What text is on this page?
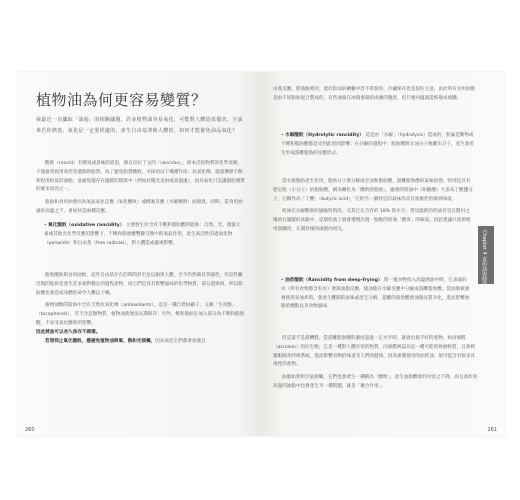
植物油為何更容易變質？

我最近一直攝取「油脂」的相關議題，許多植物油容易氧化、可能對人體造成傷害。全油來若你熱衷，氧化是一定要經處的，產生自由基導致人體的，如何才能避免油品氧化？

酸敗（rancid）有變臭或異味的意思，源自於拉丁文的「rancidus」，原本泛指物質的化學退變，不過最常被用來形容過期的脂質。為了避免脂質酸敗，可採用以下幾種作法：抗氧化劑、儘量選擇不飽和程度較低的油脂，並避免儲存在溫暖的環境中（例如於陽光直射或高溫處），因為氧化只是讓脂肪變質的眾多原因之一。

脂肪和食用油會因為氧氣氧化反應（氧化酸敗）或酵素反應（水解酸敗）而腐臭，同時，當食用油處於高溫之下，會加快這兩種反應。

• 氧化酸敗（oxidative rancidity） 主要發生於含有不飽和脂肪酸的脂肪：自然、光、微量元素或其他光化學反應的影響下，不飽和脂肪酸雙鍵交換中的氧氣作用，產生高活性的過氧化物（peroxide）和自由基（free radicals），對人體造成嚴重影響。

脂肪酸敗與食用油無，這些自由基存在的時間甚至足以損害人體，至今仍然備具爭議性，但這些屬出現的能夠是產生許多相對穩定的過程產物，而它們是具有影響風味的化學物質，部分還與病，所以脂肪酸也會造成身體的命令人難以下嚥。

植物油類的脂肪中含有天然抗氧化劑（antioxidants），這是一種自然屏蔽子，又稱「生育酚」（tocopherols），若不含這類物質，植物油就無法長期保存；另外，飽和脂肪在加入部分為不飽和脂肪酸，不易受氧化酸敗的影響。

因此將油可以長久保存不腐壞。
若想抑止氧化酸敗，應避免植物油與氧、熱和光接觸，因為氧化它們都會加速自
260

由基反應，將油瓶密封，置於陰涼的櫥櫃中若不常使用，冷藏保存也是很好主意，由於所有食用油都是由不同脂肪混合製成的，有些油脂在冰箱會凝結成硬的塊狀，但只要回溫就能恢復成液體。

• 水解酸敗（Hydrolytic rancidity） 這是由「水解」（hydrolysis）造成的，無論是動物或不飽和脂肪酸都是受到此原因影響；在分解的過程中，脂肪酸與甘油分子脫離水分子，產生會產生形成游離脂肪的反應形式。

當水與脂肪產生作用，脂肪分子會分解成甘油和脂肪酸，游離脂肪酸的氣味很強，特別是具有肥皂般（小分子）的脂肪酸，稱為轉化為「酸敗的脂肪」。嚴重的奶油中（如酪酸）大多為丁酸鹽分子，它稱作為「丁酸」（butyric acid），它的另一個特定的氣味為具有油脂性的腐臭味道。

奶油在水解酸敗的風險特別高，尤其它在含有約 18% 的水分，常見溫熱的奶油若是在開封之後放在溫暖的冰箱中，這層奶油上層會慢慢出現一點點的奶油「酸臭」的味道。因此建議只依照使用量購買，在開封後的兩週內用完。

• 油炸酸敗（Rancidity from deep-frying） 將一塊食物投入高溫熱油中時，它表面的水（所有食物都含有水）會與油脂反應，使油脂在水解反應中分解成游離脂肪酸。當油脂被重複使用來油炸時，會產生難聞的氣味或產生分解，遊離的脂肪酸使油脂品質劣化，進而影響油脂的煙點以及食物風味。

但這還不是最糟糕，當游離脂肪酸的濃度超過一定水平時，就會出現不好的產物，如丙烯醛（acrolein）的衍生物，它是一種對人體有害的物質，丙烯醛被認為是一種可能的致癌物質，且會刺激眼睛及呼吸系統，進而影響食物的味道及人們的健康，因為重覆使用的油炸油，很可能含有較多具毒性的產物。

油脂如果和空氣接觸，它們也會產生一種稱為「酸敗」，產生油脂酸敗的內容之下降，而且油炸到高溫的油脂中也會產生另一種問題，就是「聚合作用」。

Chapter 4 食用油與健康
261
